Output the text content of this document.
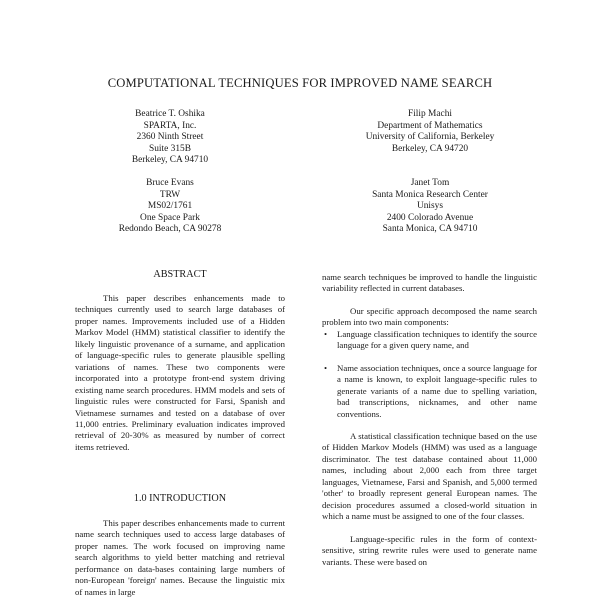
COMPUTATIONAL TECHNIQUES FOR IMPROVED NAME SEARCH
Beatrice T. Oshika
SPARTA, Inc.
2360 Ninth Street
Suite 315B
Berkeley, CA 94710
Filip Machi
Department of Mathematics
University of California, Berkeley
Berkeley, CA 94720
Bruce Evans
TRW
MS02/1761
One Space Park
Redondo Beach, CA 90278
Janet Tom
Santa Monica Research Center
Unisys
2400 Colorado Avenue
Santa Monica, CA 94710
ABSTRACT

This paper describes enhancements made to techniques currently used to search large databases of proper names. Improvements included use of a Hidden Markov Model (HMM) statistical classifier to identify the likely linguistic provenance of a surname, and application of language-specific rules to generate plausible spelling variations of names. These two components were incorporated into a prototype front-end system driving existing name search procedures. HMM models and sets of linguistic rules were constructed for Farsi, Spanish and Vietnamese surnames and tested on a database of over 11,000 entries. Preliminary evaluation indicates improved retrieval of 20-30% as measured by number of correct items retrieved.

1.0 INTRODUCTION

This paper describes enhancements made to current name search techniques used to access large databases of proper names. The work focused on improving name search algorithms to yield better matching and retrieval performance on data-bases containing large numbers of non-European 'foreign' names. Because the linguistic mix of names in large

name search techniques be improved to handle the linguistic variability reflected in current databases.

Our specific approach decomposed the name search problem into two main components:

• Language classification techniques to identify the source language for a given query name, and
• Name association techniques, once a source language for a name is known, to exploit language-specific rules to generate variants of a name due to spelling variation, bad transcriptions, nicknames, and other name conventions.

A statistical classification technique based on the use of Hidden Markov Models (HMM) was used as a language discriminator. The test database contained about 11,000 names, including about 2,000 each from three target languages, Vietnamese, Farsi and Spanish, and 5,000 termed 'other' to broadly represent general European names. The decision procedures assumed a closed-world situation in which a name must be assigned to one of the four classes.

Language-specific rules in the form of context-sensitive, string rewrite rules were used to generate name variants. These were based on
